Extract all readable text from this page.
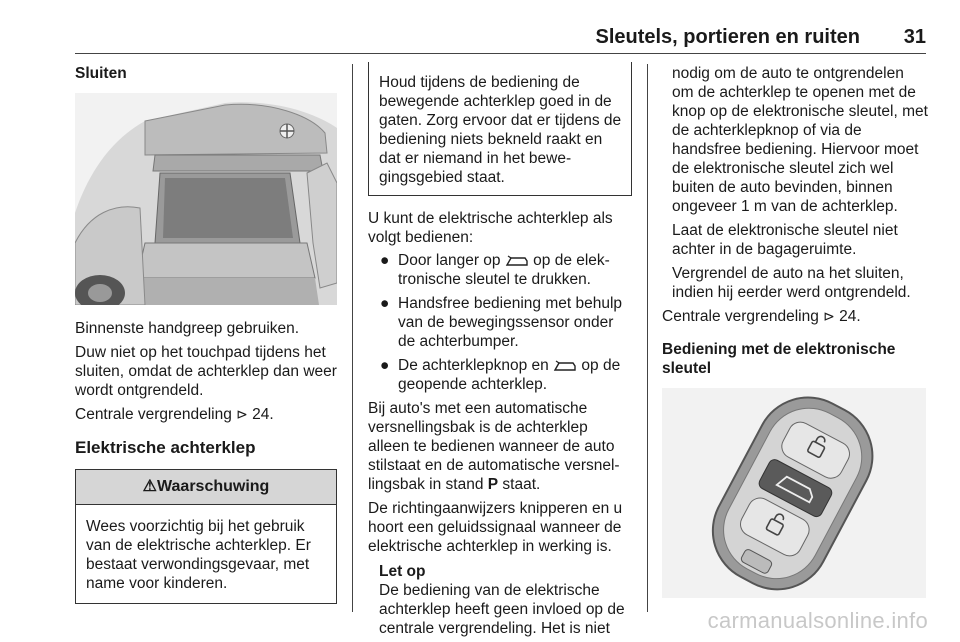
Sleutels, portieren en ruiten 31

Sluiten

Binnenste handgreep gebruiken.

Duw niet op het touchpad tijdens het sluiten, omdat de achterklep dan weer wordt ontgrendeld.

Centrale vergrendeling ⊳ 24.

Elektrische achterklep

⚠Waarschuwing
Wees voorzichtig bij het gebruik van de elektrische achterklep. Er bestaat verwondingsgevaar, met name voor kinderen.
Houd tijdens de bediening de bewegende achterklep goed in de gaten. Zorg ervoor dat er tijdens de bediening niets bekneld raakt en dat er niemand in het bewe-gingsgebied staat.

U kunt de elektrische achterklep als volgt bedienen:

● Door langer op  op de elek-tronische sleutel te drukken.
● Handsfree bediening met behulp van de bewegingssensor onder de achterbumper.
● De achterklepknop en  op de geopende achterklep.

Bij auto's met een automatische versnellingsbak is de achterklep alleen te bedienen wanneer de auto stilstaat en de automatische versnel-lingsbak in stand P staat.

De richtingaanwijzers knipperen en u hoort een geluidssignaal wanneer de elektrische achterklep in werking is.

Let op

De bediening van de elektrische achterklep heeft geen invloed op de centrale vergrendeling. Het is niet

nodig om de auto te ontgrendelen om de achterklep te openen met de knop op de elektronische sleutel, met de achterklepknop of via de handsfree bediening. Hiervoor moet de elektronische sleutel zich wel buiten de auto bevinden, binnen ongeveer 1 m van de achterklep.

Laat de elektronische sleutel niet achter in de bagageruimte.

Vergrendel de auto na het sluiten, indien hij eerder werd ontgrendeld.

Centrale vergrendeling ⊳ 24.

Bediening met de elektronische sleutel

carmanualsonline.info
